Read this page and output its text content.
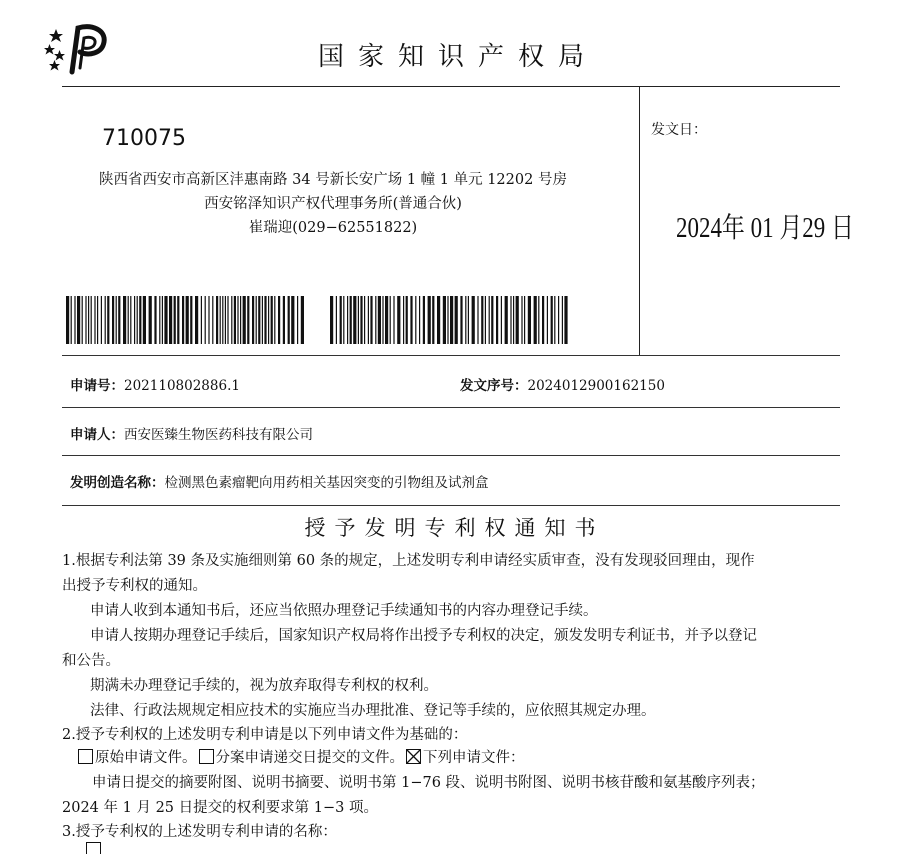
国家知识产权局
710075
陕西省西安市高新区沣惠南路 34 号新长安广场 1 幢 1 单元 12202 号房
西安铭泽知识产权代理事务所(普通合伙)
崔瑞迎(029−62551822)
发文日：
2024年 01 月29 日
申请号：202110802886.1	发文序号：2024012900162150
申请人：西安医臻生物医药科技有限公司
发明创造名称：检测黑色素瘤靶向用药相关基因突变的引物组及试剂盒
授予发明专利权通知书
1.根据专利法第 39 条及实施细则第 60 条的规定，上述发明专利申请经实质审查，没有发现驳回理由，现作
出授予专利权的通知。
申请人收到本通知书后，还应当依照办理登记手续通知书的内容办理登记手续。
申请人按期办理登记手续后，国家知识产权局将作出授予专利权的决定，颁发发明专利证书，并予以登记
和公告。
期满未办理登记手续的，视为放弃取得专利权的权利。
法律、行政法规规定相应技术的实施应当办理批准、登记等手续的，应依照其规定办理。
2.授予专利权的上述发明专利申请是以下列申请文件为基础的：
原始申请文件。 分案申请递交日提交的文件。 下列申请文件：
申请日提交的摘要附图、说明书摘要、说明书第 1−76 段、说明书附图、说明书核苷酸和氨基酸序列表；
2024 年 1 月 25 日提交的权利要求第 1−3 项。
3.授予专利权的上述发明专利申请的名称：
